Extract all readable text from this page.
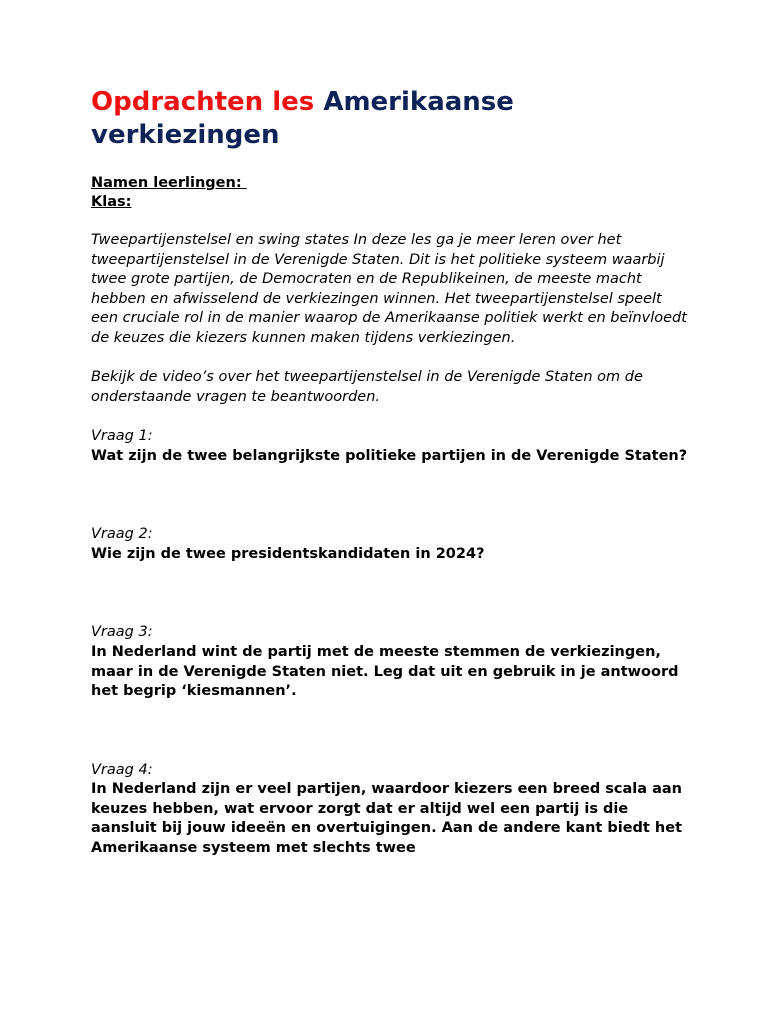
Opdrachten les Amerikaanse
verkiezingen
Namen leerlingen:
Klas:

Tweepartijenstelsel en swing states In deze les ga je meer leren over het tweepartijenstelsel in de Verenigde Staten. Dit is het politieke systeem waarbij twee grote partijen, de Democraten en de Republikeinen, de meeste macht hebben en afwisselend de verkiezingen winnen. Het tweepartijenstelsel speelt een cruciale rol in de manier waarop de Amerikaanse politiek werkt en beïnvloedt de keuzes die kiezers kunnen maken tijdens verkiezingen.

Bekijk de video’s over het tweepartijenstelsel in de Verenigde Staten om de onderstaande vragen te beantwoorden.

Vraag 1:
Wat zijn de twee belangrijkste politieke partijen in de Verenigde Staten?
Vraag 2:
Wie zijn de twee presidentskandidaten in 2024?
Vraag 3:
In Nederland wint de partij met de meeste stemmen de verkiezingen, maar in de Verenigde Staten niet. Leg dat uit en gebruik in je antwoord het begrip ‘kiesmannen’.
Vraag 4:
In Nederland zijn er veel partijen, waardoor kiezers een breed scala aan keuzes hebben, wat ervoor zorgt dat er altijd wel een partij is die aansluit bij jouw ideeën en overtuigingen. Aan de andere kant biedt het Amerikaanse systeem met slechts twee
